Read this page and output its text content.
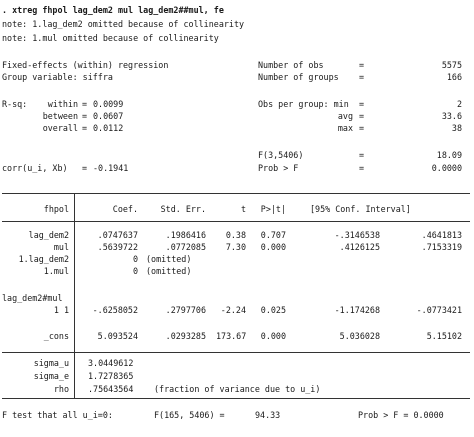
. xtreg fhpol lag_dem2 mul lag_dem2##mul, fe
note: 1.lag_dem2 omitted because of collinearity
note: 1.mul omitted because of collinearity
Fixed-effects (within) regression
Group variable: siffra
Number of obs	=	5575
Number of groups =	166
R-sq:	within = 0.0099
between = 0.0607
overall = 0.0112
Obs per group: min =	2
avg =	33.6
max =	38
F(3,5406)	=	18.09
corr(u_i, Xb) = -0.1941	Prob > F	=	0.0000
fhpol	Coef.	Std. Err.	t	P>|t|	[95% Conf. Interval]
lag_dem2	.0747637	.1986416	0.38	0.707	-.3146538	.4641813
mul	.5639722	.0772085	7.30	0.000	.4126125	.7153319
1.lag_dem2	0 (omitted)
1.mul	0 (omitted)
lag_dem2#mul
1 1	-.6258052	.2797706	-2.24	0.025	-1.174268	-.0773421
_cons	5.093524	.0293285 173.67	0.000	5.036028	5.15102
sigma_u 3.0449612
sigma_e 1.7278365
rho .75643564 (fraction of variance due to u_i)
F test that all u_i=0:	F(165, 5406) =	94.33	Prob > F = 0.0000
